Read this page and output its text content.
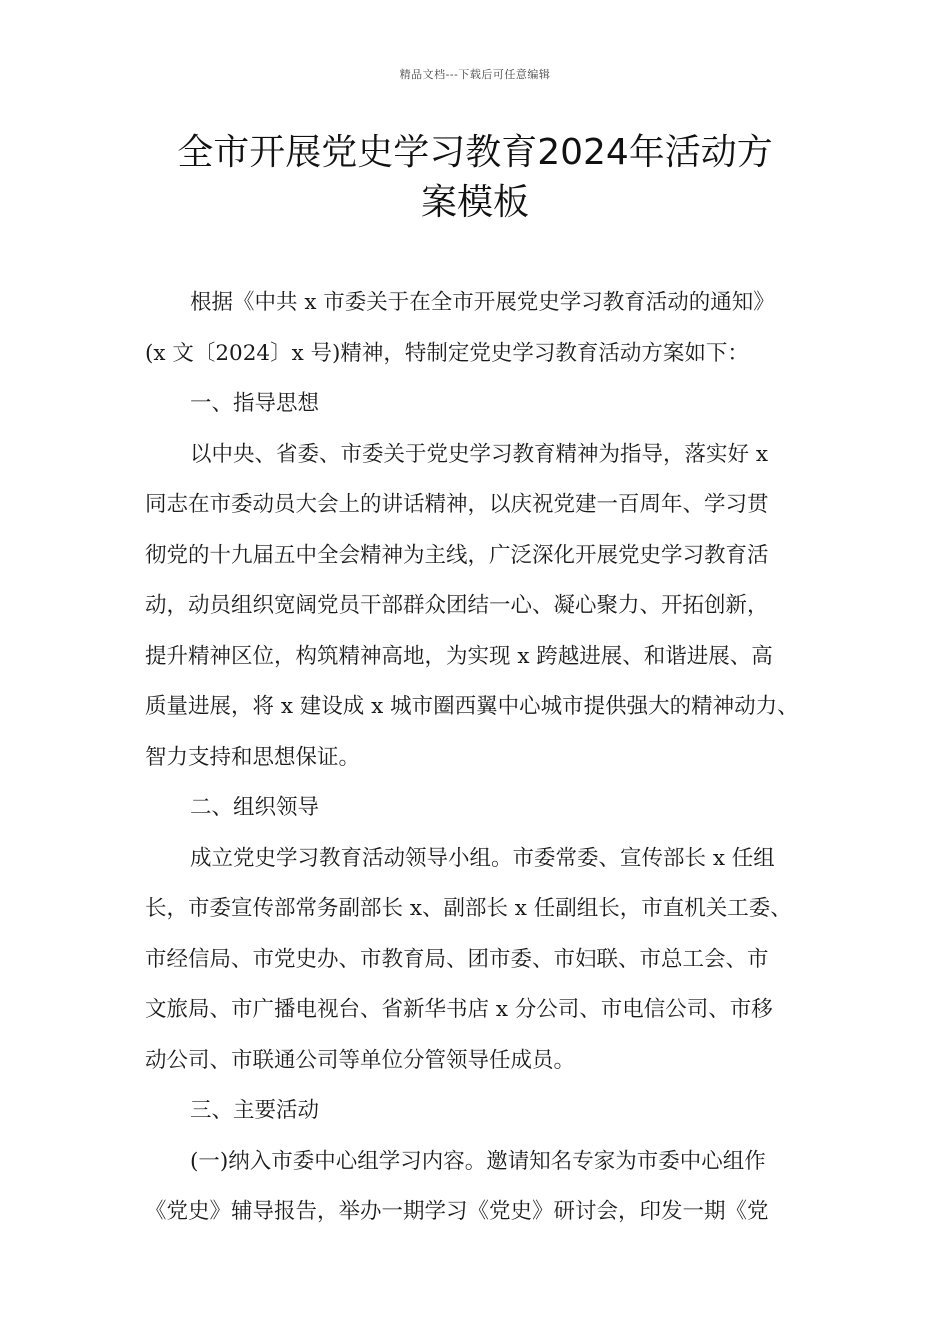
精品文档---下载后可任意编辑
全市开展党史学习教育2024年活动方
案模板
根据《中共 x 市委关于在全市开展党史学习教育活动的通知》
(x 文〔2024〕x 号)精神，特制定党史学习教育活动方案如下：
一、指导思想
以中央、省委、市委关于党史学习教育精神为指导，落实好 x
同志在市委动员大会上的讲话精神，以庆祝党建一百周年、学习贯
彻党的十九届五中全会精神为主线，广泛深化开展党史学习教育活
动，动员组织宽阔党员干部群众团结一心、凝心聚力、开拓创新，
提升精神区位，构筑精神高地，为实现 x 跨越进展、和谐进展、高
质量进展，将 x 建设成 x 城市圈西翼中心城市提供强大的精神动力、
智力支持和思想保证。
二、组织领导
成立党史学习教育活动领导小组。市委常委、宣传部长 x 任组
长，市委宣传部常务副部长 x、副部长 x 任副组长，市直机关工委、
市经信局、市党史办、市教育局、团市委、市妇联、市总工会、市
文旅局、市广播电视台、省新华书店 x 分公司、市电信公司、市移
动公司、市联通公司等单位分管领导任成员。
三、主要活动
(一)纳入市委中心组学习内容。邀请知名专家为市委中心组作
《党史》辅导报告，举办一期学习《党史》研讨会，印发一期《党
